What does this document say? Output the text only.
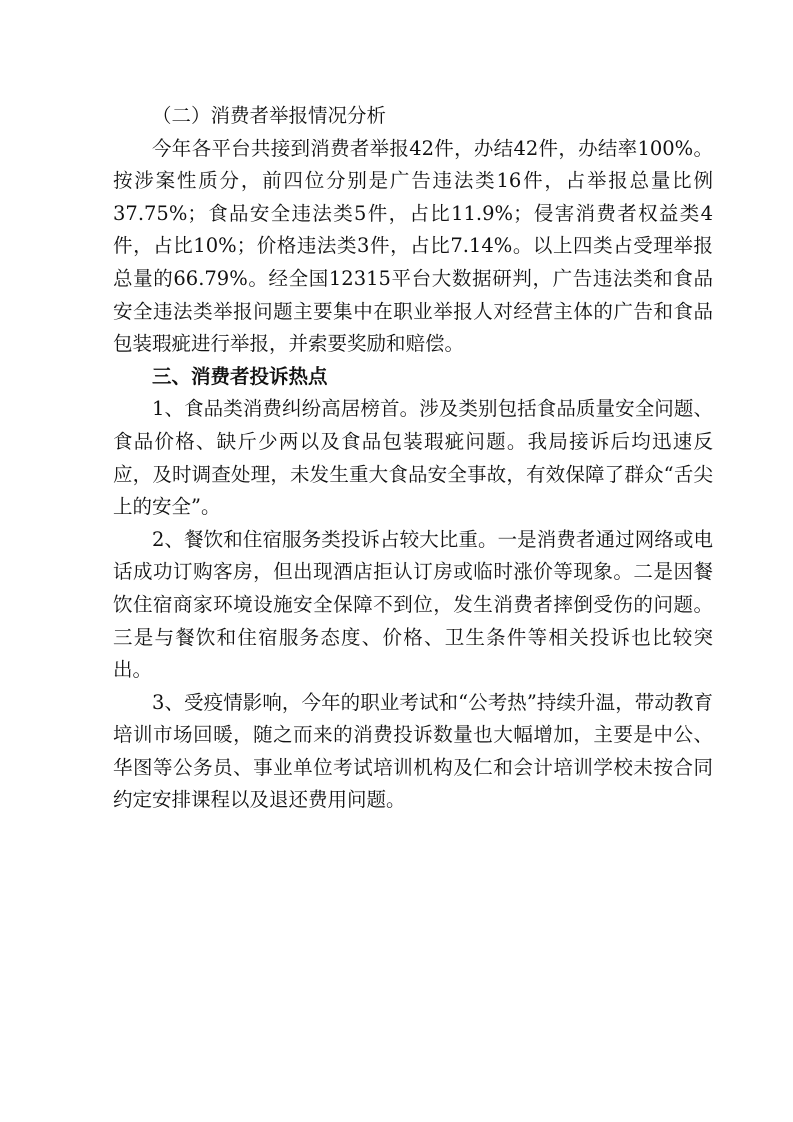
（二）消费者举报情况分析

今年各平台共接到消费者举报42件，办结42件，办结率100%。按涉案性质分，前四位分别是广告违法类16件，占举报总量比例37.75%；食品安全违法类5件，占比11.9%；侵害消费者权益类4件，占比10%；价格违法类3件，占比7.14%。以上四类占受理举报总量的66.79%。经全国12315平台大数据研判，广告违法类和食品安全违法类举报问题主要集中在职业举报人对经营主体的广告和食品包装瑕疵进行举报，并索要奖励和赔偿。

三、消费者投诉热点

1、食品类消费纠纷高居榜首。涉及类别包括食品质量安全问题、食品价格、缺斤少两以及食品包装瑕疵问题。我局接诉后均迅速反应，及时调查处理，未发生重大食品安全事故，有效保障了群众“舌尖上的安全”。

2、餐饮和住宿服务类投诉占较大比重。一是消费者通过网络或电话成功订购客房，但出现酒店拒认订房或临时涨价等现象。二是因餐饮住宿商家环境设施安全保障不到位，发生消费者摔倒受伤的问题。三是与餐饮和住宿服务态度、价格、卫生条件等相关投诉也比较突出。

3、受疫情影响，今年的职业考试和“公考热”持续升温，带动教育培训市场回暖，随之而来的消费投诉数量也大幅增加，主要是中公、华图等公务员、事业单位考试培训机构及仁和会计培训学校未按合同约定安排课程以及退还费用问题。
